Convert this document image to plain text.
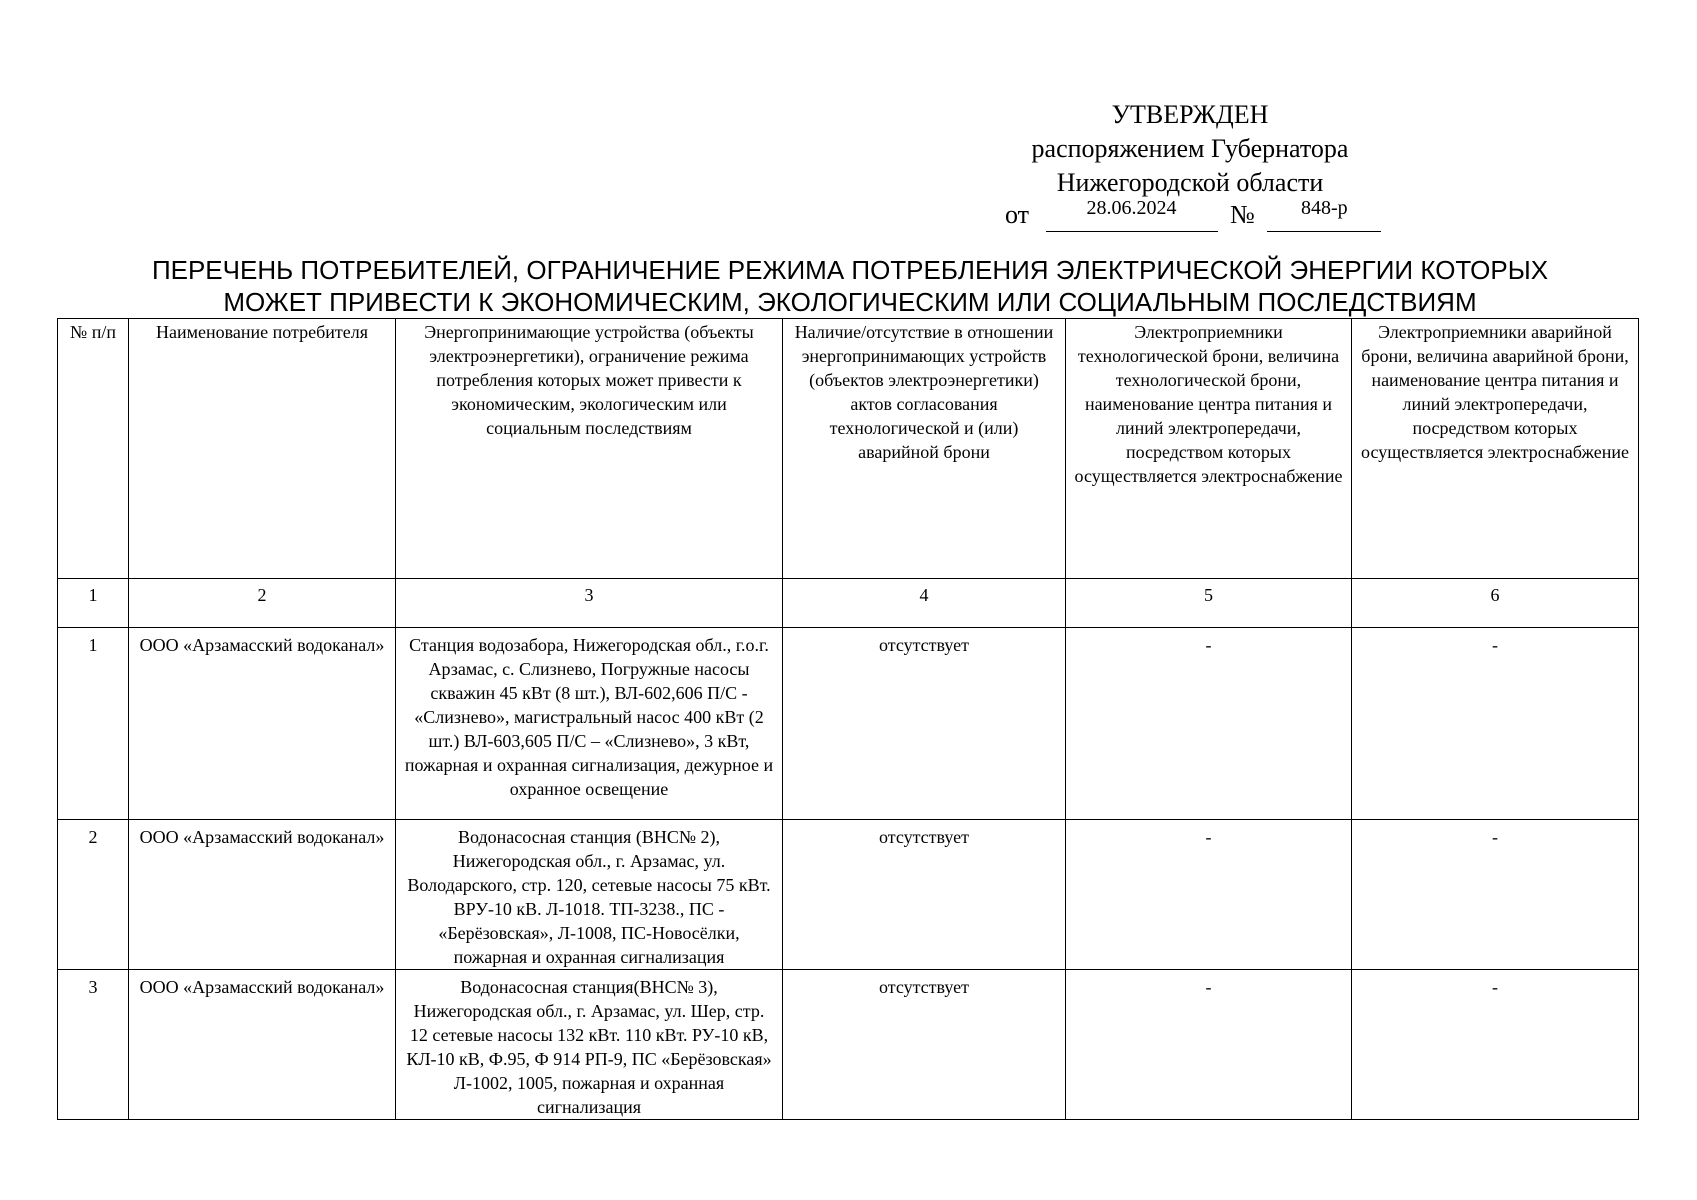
УТВЕРЖДЕН
распоряжением Губернатора
Нижегородской области
от	28.06.2024	№	848-р
ПЕРЕЧЕНЬ ПОТРЕБИТЕЛЕЙ, ОГРАНИЧЕНИЕ РЕЖИМА ПОТРЕБЛЕНИЯ ЭЛЕКТРИЧЕСКОЙ ЭНЕРГИИ КОТОРЫХ
МОЖЕТ ПРИВЕСТИ К ЭКОНОМИЧЕСКИМ, ЭКОЛОГИЧЕСКИМ ИЛИ СОЦИАЛЬНЫМ ПОСЛЕДСТВИЯМ
№ п/п	Наименование потребителя	Энергопринимающие устройства (объекты электроэнергетики), ограничение режима потребления которых может привести к экономическим, экологическим или социальным последствиям	Наличие/отсутствие в отношении энергопринимающих устройств (объектов электроэнергетики) актов согласования технологической и (или) аварийной брони	Электроприемники технологической брони, величина технологической брони, наименование центра питания и линий электропередачи, посредством которых осуществляется электроснабжение	Электроприемники аварийной брони, величина аварийной брони, наименование центра питания и линий электропередачи, посредством которых осуществляется электроснабжение
1	2	3	4	5	6
1	ООО «Арзамасский водоканал»	Станция водозабора, Нижегородская обл., г.о.г. Арзамас, с. Слизнево, Погружные насосы скважин 45 кВт (8 шт.), ВЛ-602,606 П/С - «Слизнево», магистральный насос 400 кВт (2 шт.) ВЛ-603,605 П/С – «Слизнево», 3 кВт, пожарная и охранная сигнализация, дежурное и охранное освещение	отсутствует	-	-
2	ООО «Арзамасский водоканал»	Водонасосная станция (ВНС№ 2), Нижегородская обл., г. Арзамас, ул. Володарского, стр. 120, сетевые насосы 75 кВт. ВРУ-10 кВ. Л-1018. ТП-3238., ПС - «Берёзовская», Л-1008, ПС-Новосёлки, пожарная и охранная сигнализация	отсутствует	-	-
3	ООО «Арзамасский водоканал»	Водонасосная станция(ВНС№ 3), Нижегородская обл., г. Арзамас, ул. Шер, стр. 12 сетевые насосы 132 кВт. 110 кВт. РУ-10 кВ, КЛ-10 кВ, Ф.95, Ф 914 РП-9, ПС «Берёзовская» Л-1002, 1005, пожарная и охранная сигнализация	отсутствует	-	-
